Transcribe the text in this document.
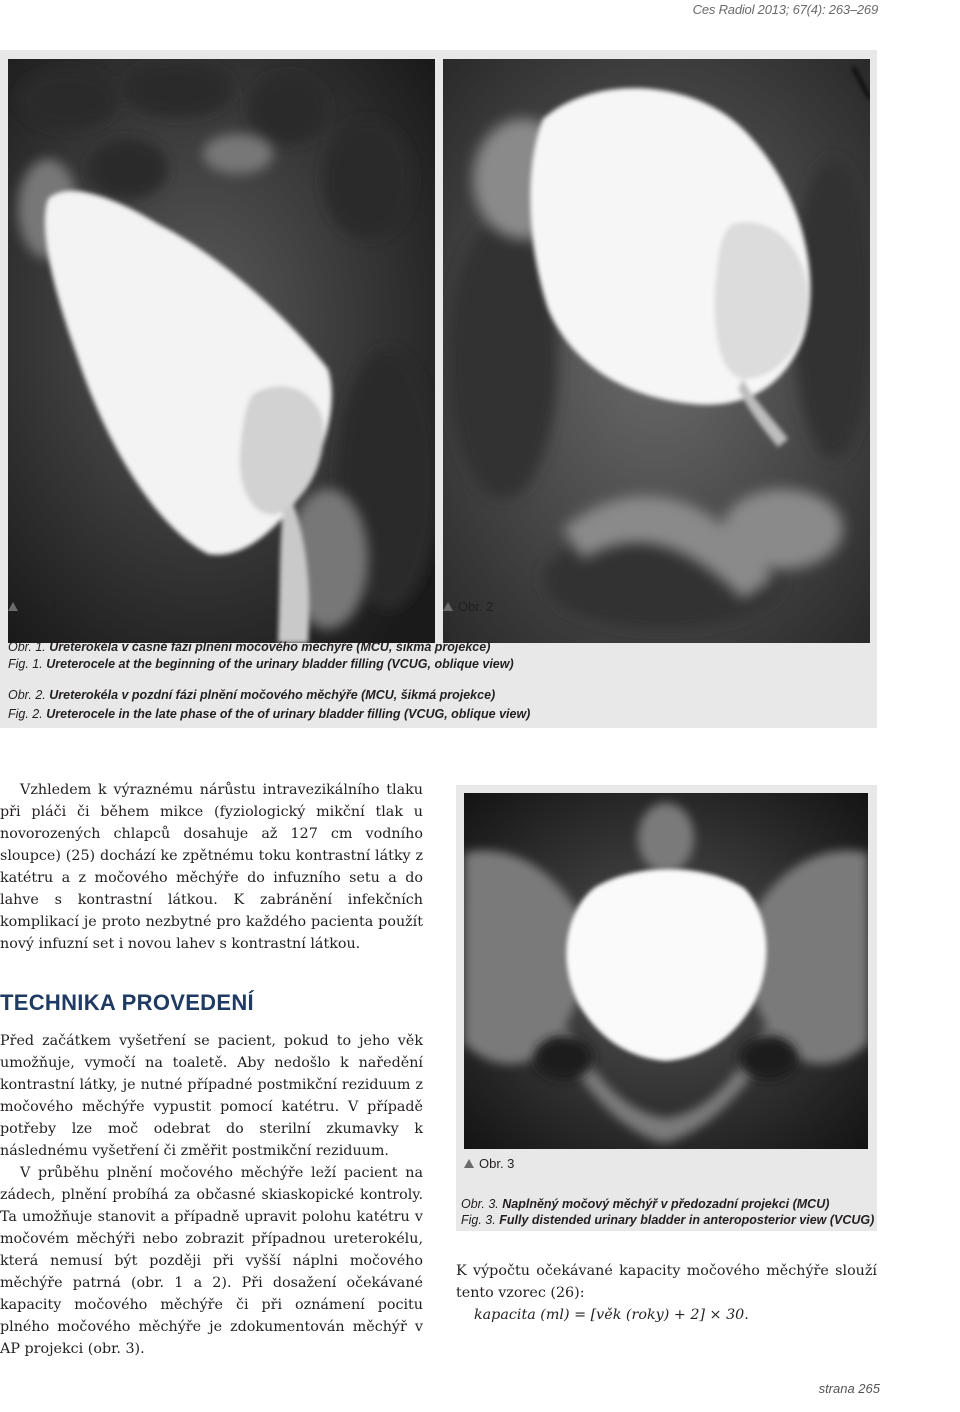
Ces Radiol 2013; 67(4): 263–269
Obr. 1	Obr. 2
Obr. 1. Ureterokéla v časné fázi plnění močového měchýře (MCU, šikmá projekce)
Fig. 1. Ureterocele at the beginning of the urinary bladder filling (VCUG, oblique view)
Obr. 2. Ureterokéla v pozdní fázi plnění močového měchýře (MCU, šikmá projekce)
Fig. 2. Ureterocele in the late phase of the of urinary bladder filling (VCUG, oblique view)

Vzhledem k výraznému nárůstu intravezikálního tlaku při pláči či během mikce (fyziologický mikční tlak u novorozených chlapců dosahuje až 127 cm vodního sloupce) (25) dochází ke zpětnému toku kontrastní látky z katétru a z močového měchýře do infuzního setu a do lahve s kontrastní látkou. K zabránění infekčních komplikací je proto nezbytné pro každého pacienta použít nový infuzní set i novou lahev s kontrastní látkou.

TECHNIKA PROVEDENÍ

Před začátkem vyšetření se pacient, pokud to jeho věk umožňuje, vymočí na toaletě. Aby nedošlo k naředění kontrastní látky, je nutné případné postmikční reziduum z močového měchýře vypustit pomocí katétru. V případě potřeby lze moč odebrat do sterilní zkumavky k následnému vyšetření či změřit postmikční reziduum.

V průběhu plnění močového měchýře leží pacient na zádech, plnění probíhá za občasné skiaskopické kontroly. Ta umožňuje stanovit a případně upravit polohu katétru v močovém měchýři nebo zobrazit případnou ureterokélu, která nemusí být později při vyšší náplni močového měchýře patrná (obr. 1 a 2). Při dosažení očekávané kapacity močového měchýře či při oznámení pocitu plného močového měchýře je zdokumentován měchýř v AP projekci (obr. 3).

Obr. 3
Obr. 3. Naplněný močový měchýř v předozadní projekci (MCU)
Fig. 3. Fully distended urinary bladder in anteroposterior view (VCUG)

K výpočtu očekávané kapacity močového měchýře slouží tento vzorec (26):

kapacita (ml) = [věk (roky) + 2] × 30.

strana 265
